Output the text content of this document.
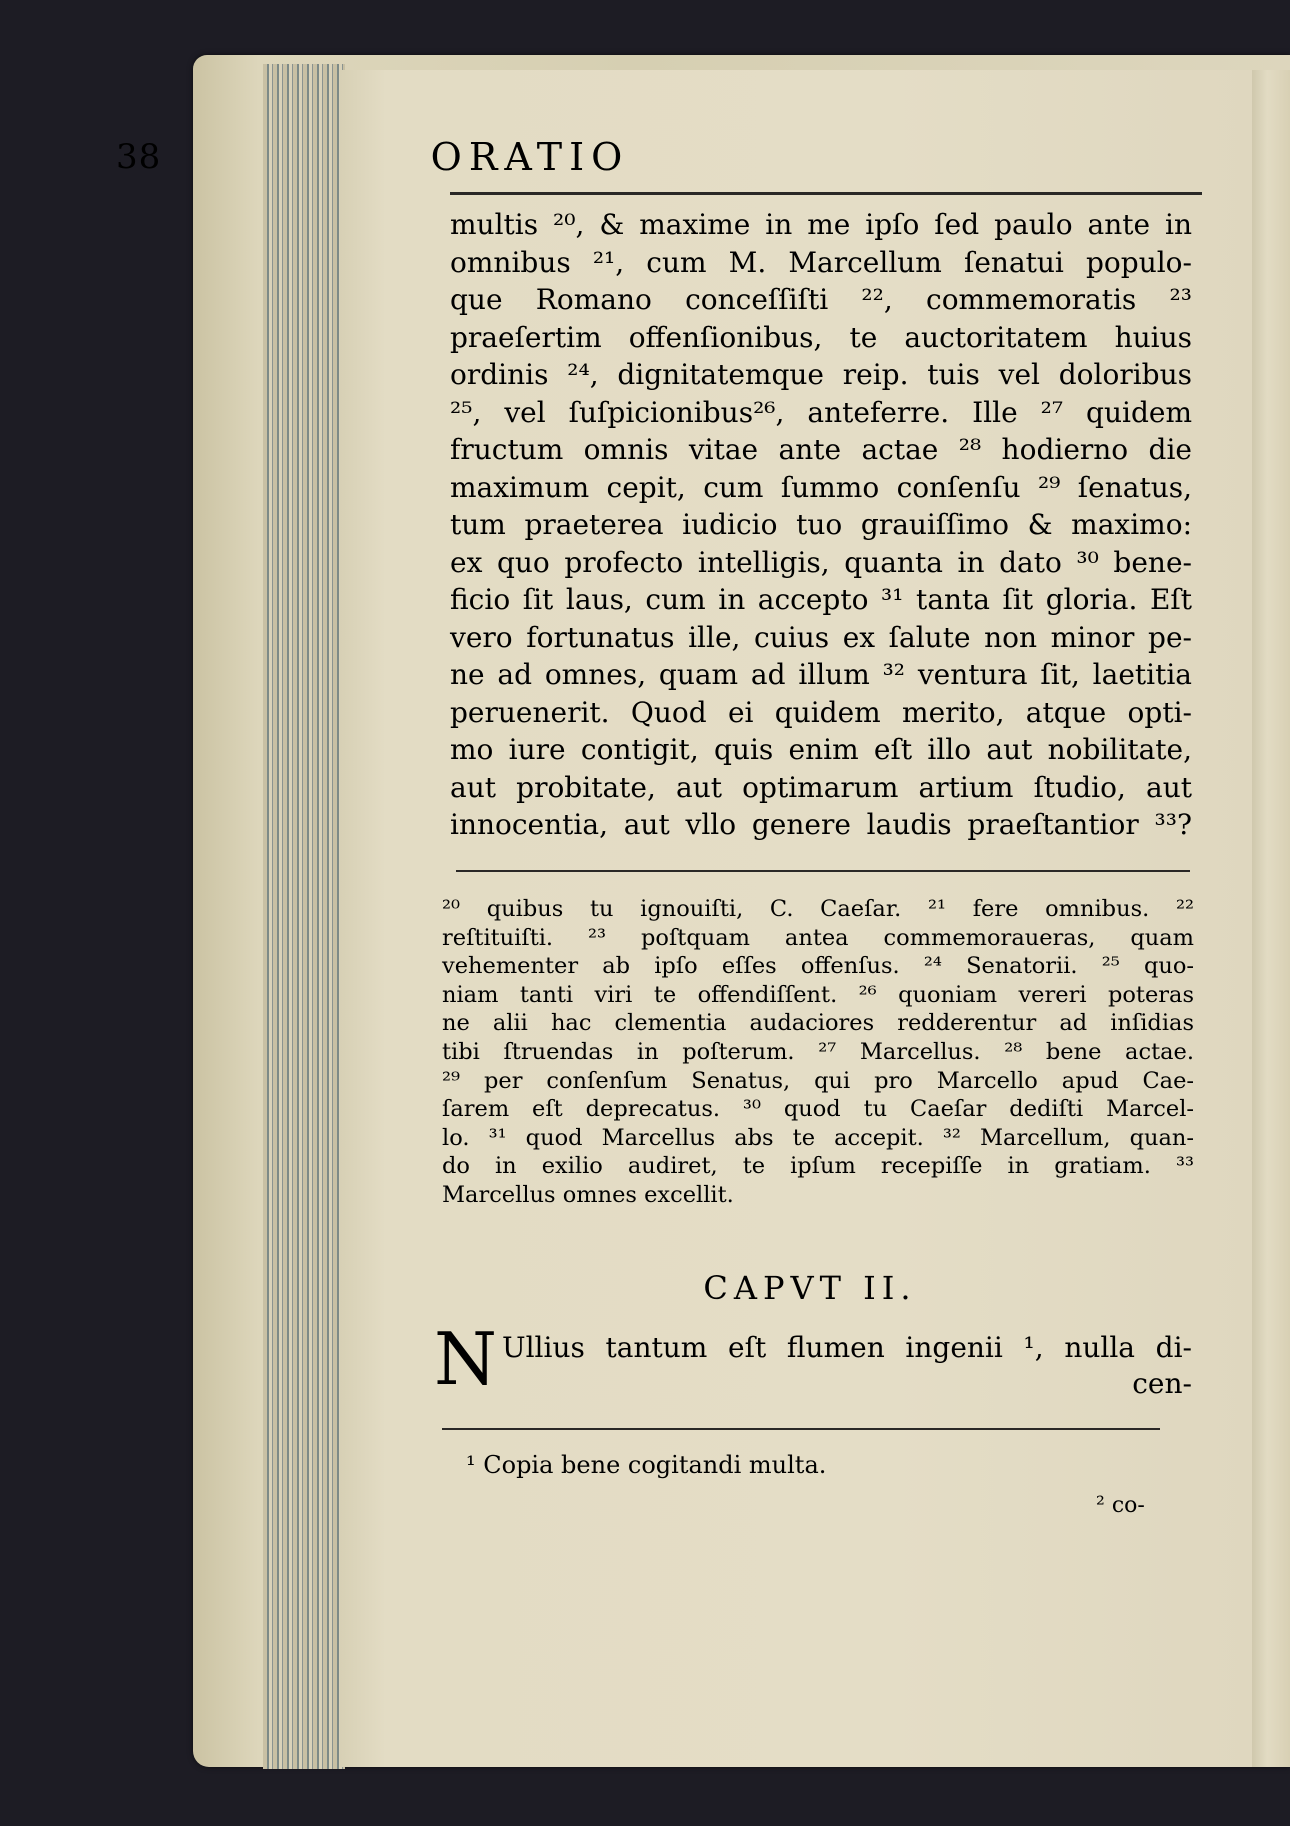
38	ORATIO
multis ²⁰, & maxime in me ipſo ſed paulo ante in
omnibus ²¹, cum M. Marcellum ſenatui populo-
que Romano conceſſiſti ²², commemoratis ²³
praeſertim offenſionibus, te auctoritatem huius
ordinis ²⁴, dignitatemque reip. tuis vel doloribus
²⁵, vel ſuſpicionibus²⁶, anteferre. Ille ²⁷ quidem
fructum omnis vitae ante actae ²⁸ hodierno die
maximum cepit, cum ſummo conſenſu ²⁹ ſenatus,
tum praeterea iudicio tuo grauiſſimo & maximo:
ex quo profecto intelligis, quanta in dato ³⁰ bene-
ficio ſit laus, cum in accepto ³¹ tanta ſit gloria. Eſt
vero fortunatus ille, cuius ex ſalute non minor pe-
ne ad omnes, quam ad illum ³² ventura ſit, laetitia
peruenerit. Quod ei quidem merito, atque opti-
mo iure contigit, quis enim eſt illo aut nobilitate,
aut probitate, aut optimarum artium ſtudio, aut
innocentia, aut vllo genere laudis praeſtantior ³³?
²⁰ quibus tu ignouiſti, C. Caeſar. ²¹ fere omnibus. ²²
reſtituiſti. ²³ poſtquam antea commemoraueras, quam
vehementer ab ipſo eſſes offenſus. ²⁴ Senatorii. ²⁵ quo-
niam tanti viri te offendiſſent. ²⁶ quoniam vereri poteras
ne alii hac clementia audaciores redderentur ad inſidias
tibi ſtruendas in poſterum. ²⁷ Marcellus. ²⁸ bene actae.
²⁹ per conſenſum Senatus, qui pro Marcello apud Cae-
ſarem eſt deprecatus. ³⁰ quod tu Caeſar dediſti Marcel-
lo. ³¹ quod Marcellus abs te accepit. ³² Marcellum, quan-
do in exilio audiret, te ipſum recepiſſe in gratiam. ³³
Marcellus omnes excellit.
CAPVT II.
N Ullius tantum eſt flumen ingenii ¹, nulla di-
cen-
¹ Copia bene cogitandi multa.
² co-
